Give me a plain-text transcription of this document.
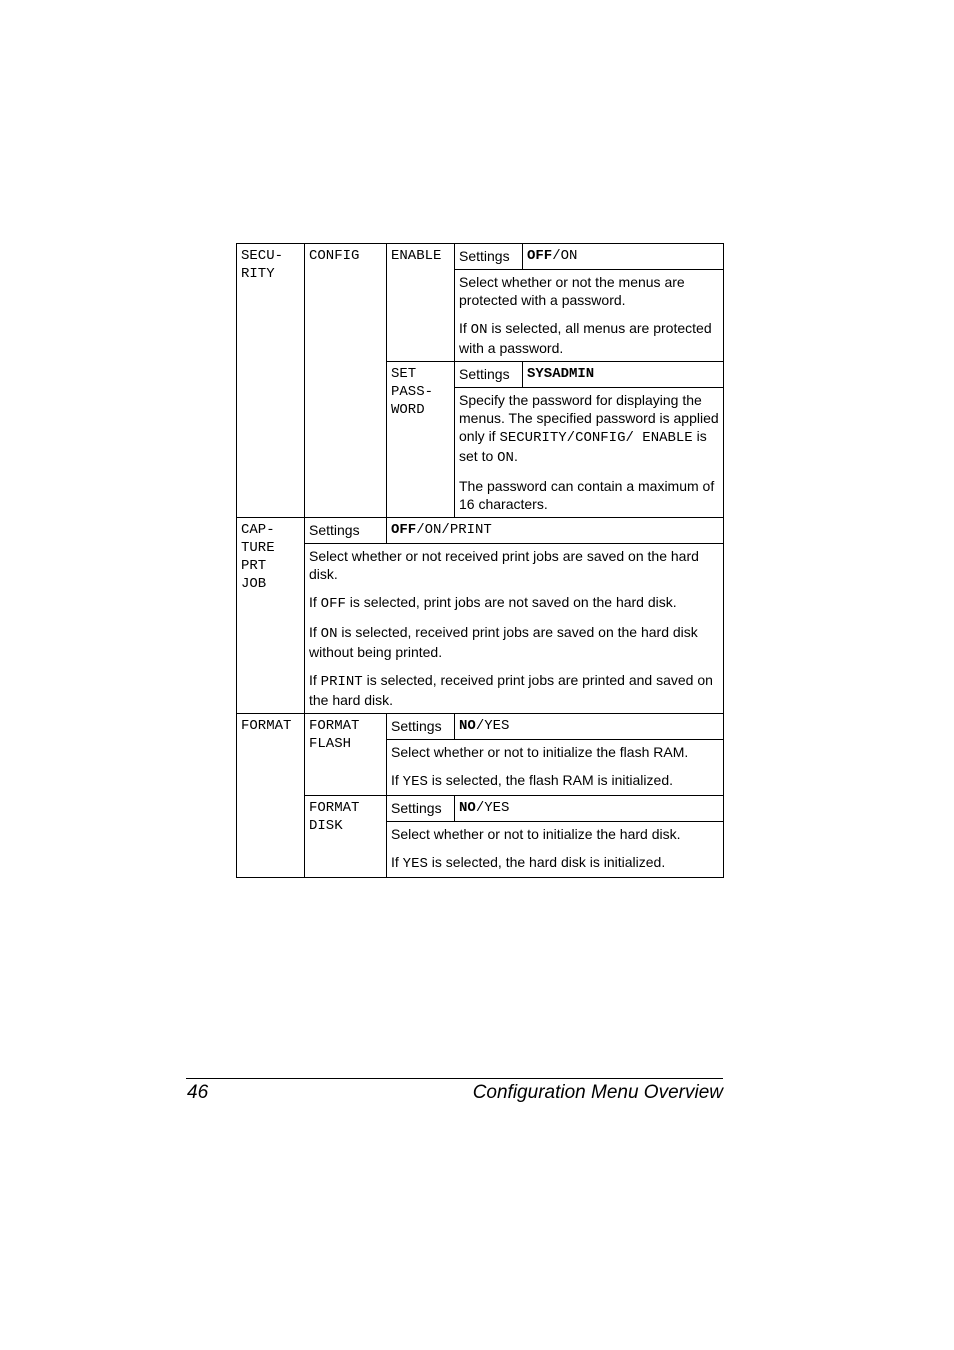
SECU-
RITY	CONFIG	ENABLE	Settings	OFF/ON

			Select whether or not the menus are protected with a password.

If ON is selected, all menus are protected with a password.	

		SET
PASS-
WORD	Settings	SYSADMIN

			Specify the password for displaying the menus. The specified password is applied only if SECURITY/CONFIG/ ENABLE is set to ON.

The password can contain a maximum of 16 characters.	

CAP-
TURE
PRT
JOB	Settings	OFF/ON/PRINT		

	Select whether or not received print jobs are saved on the hard disk.

If OFF is selected, print jobs are not saved on the hard disk.

If ON is selected, received print jobs are saved on the hard disk without being printed.

If PRINT is selected, received print jobs are printed and saved on the hard disk.			

FORMAT	FORMAT
FLASH	Settings	NO/YES	

		Select whether or not to initialize the flash RAM.

If YES is selected, the flash RAM is initialized.		

	FORMAT
DISK	Settings	NO/YES	

		Select whether or not to initialize the hard disk.

If YES is selected, the hard disk is initialized.		

46	Configuration Menu Overview
